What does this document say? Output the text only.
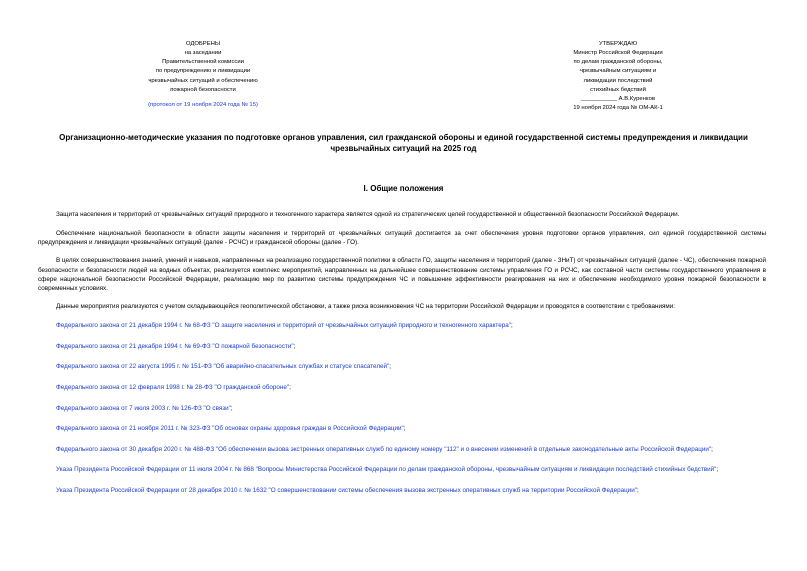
ОДОБРЕНЫ
на заседании
Правительственной комиссии
по предупреждению и ликвидации
чрезвычайных ситуаций и обеспечению
пожарной безопасности
(протокол от 19 ноября 2024 года № 15)
УТВЕРЖДАЮ
Министр Российской Федерации
по делам гражданской обороны,
чрезвычайным ситуациям и
ликвидации последствий
стихийных бедствий
___________ А.В.Куренков
19 ноября 2024 года № ОМ-АК-1
Организационно-методические указания по подготовке органов управления, сил гражданской обороны и единой государственной системы предупреждения и ликвидации чрезвычайных ситуаций на 2025 год
I. Общие положения

Защита населения и территорий от чрезвычайных ситуаций природного и техногенного характера является одной из стратегических целей государственной и общественной безопасности Российской Федерации.

Обеспечение национальной безопасности в области защиты населения и территорий от чрезвычайных ситуаций достигается за счет обеспечения уровня подготовки органов управления, сил единой государственной системы предупреждения и ликвидации чрезвычайных ситуаций (далее - РСЧС) и гражданской обороны (далее - ГО).

В целях совершенствования знаний, умений и навыков, направленных на реализацию государственной политики в области ГО, защиты населения и территорий (далее - ЗНиТ) от чрезвычайных ситуаций (далее - ЧС), обеспечения пожарной безопасности и безопасности людей на водных объектах, реализуется комплекс мероприятий, направленных на дальнейшее совершенствование системы управления ГО и РСЧС, как составной части системы государственного управления в сфере национальной безопасности Российской Федерации, реализацию мер по развитию системы предупреждения ЧС и повышение эффективности реагирования на них и обеспечение необходимого уровня пожарной безопасности в современных условиях.

Данные мероприятия реализуются с учетом складывающейся геополитической обстановки, а также риска возникновения ЧС на территории Российской Федерации и проводятся в соответствии с требованиями:

Федерального закона от 21 декабря 1994 г. № 68-ФЗ "О защите населения и территорий от чрезвычайных ситуаций природного и техногенного характера";

Федерального закона от 21 декабря 1994 г. № 69-ФЗ "О пожарной безопасности";

Федерального закона от 22 августа 1995 г. № 151-ФЗ "Об аварийно-спасательных службах и статусе спасателей";

Федерального закона от 12 февраля 1998 г. № 28-ФЗ "О гражданской обороне";

Федерального закона от 7 июля 2003 г. № 126-ФЗ "О связи";

Федерального закона от 21 ноября 2011 г. № 323-ФЗ "Об основах охраны здоровья граждан в Российской Федерации";

Федерального закона от 30 декабря 2020 г. № 488-ФЗ "Об обеспечении вызова экстренных оперативных служб по единому номеру "112" и о внесении изменений в отдельные законодательные акты Российской Федерации";

Указа Президента Российской Федерации от 11 июля 2004 г. № 868 "Вопросы Министерства Российской Федерации по делам гражданской обороны, чрезвычайным ситуациям и ликвидации последствий стихийных бедствий";

Указа Президента Российской Федерации от 28 декабря 2010 г. № 1632 "О совершенствовании системы обеспечения вызова экстренных оперативных служб на территории Российской Федерации";
